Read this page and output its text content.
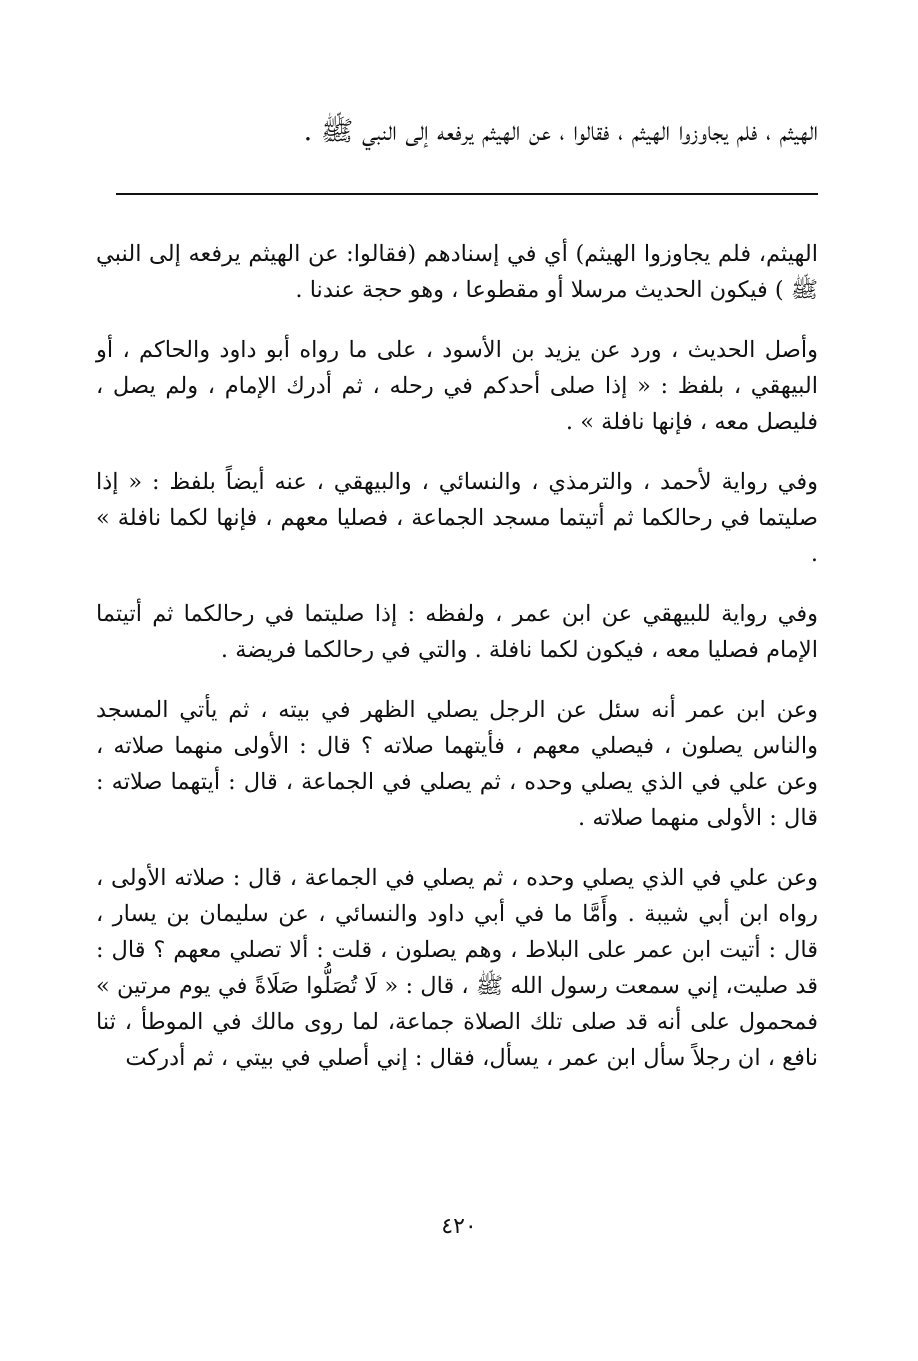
الهيثم ، فلم يجاوزوا الهيثم ، فقالوا ، عن الهيثم يرفعه إلى النبي ﷺ .

الهيثم، فلم يجاوزوا الهيثم) أي في إسنادهم (فقالوا: عن الهيثم يرفعه إلى النبي ﷺ ) فيكون الحديث مرسلا أو مقطوعا ، وهو حجة عندنا .

وأصل الحديث ، ورد عن يزيد بن الأسود ، على ما رواه أبو داود والحاكم ، أو البيهقي ، بلفظ : « إذا صلى أحدكم في رحله ، ثم أدرك الإمام ، ولم يصل ، فليصل معه ، فإنها نافلة » .

وفي رواية لأحمد ، والترمذي ، والنسائي ، والبيهقي ، عنه أيضاً بلفظ : « إذا صليتما في رحالكما ثم أتيتما مسجد الجماعة ، فصليا معهم ، فإنها لكما نافلة » .

وفي رواية للبيهقي عن ابن عمر ، ولفظه : إذا صليتما في رحالكما ثم أتيتما الإمام فصليا معه ، فيكون لكما نافلة . والتي في رحالكما فريضة .

وعن ابن عمر أنه سئل عن الرجل يصلي الظهر في بيته ، ثم يأتي المسجد والناس يصلون ، فيصلي معهم ، فأيتهما صلاته ؟ قال : الأولى منهما صلاته ، وعن علي في الذي يصلي وحده ، ثم يصلي في الجماعة ، قال : أيتهما صلاته : قال : الأولى منهما صلاته .

وعن علي في الذي يصلي وحده ، ثم يصلي في الجماعة ، قال : صلاته الأولى ، رواه ابن أبي شيبة . وأَمَّا ما في أبي داود والنسائي ، عن سليمان بن يسار ، قال : أتيت ابن عمر على البلاط ، وهم يصلون ، قلت : ألا تصلي معهم ؟ قال : قد صليت، إني سمعت رسول الله ﷺ ، قال : « لَا تُصَلُّوا صَلَاةً في يوم مرتين » فمحمول على أنه قد صلى تلك الصلاة جماعة، لما روى مالك في الموطأ ، ثنا نافع ، ان رجلاً سأل ابن عمر ، يسأل، فقال : إني أصلي في بيتي ، ثم أدركت

٤٢٠
